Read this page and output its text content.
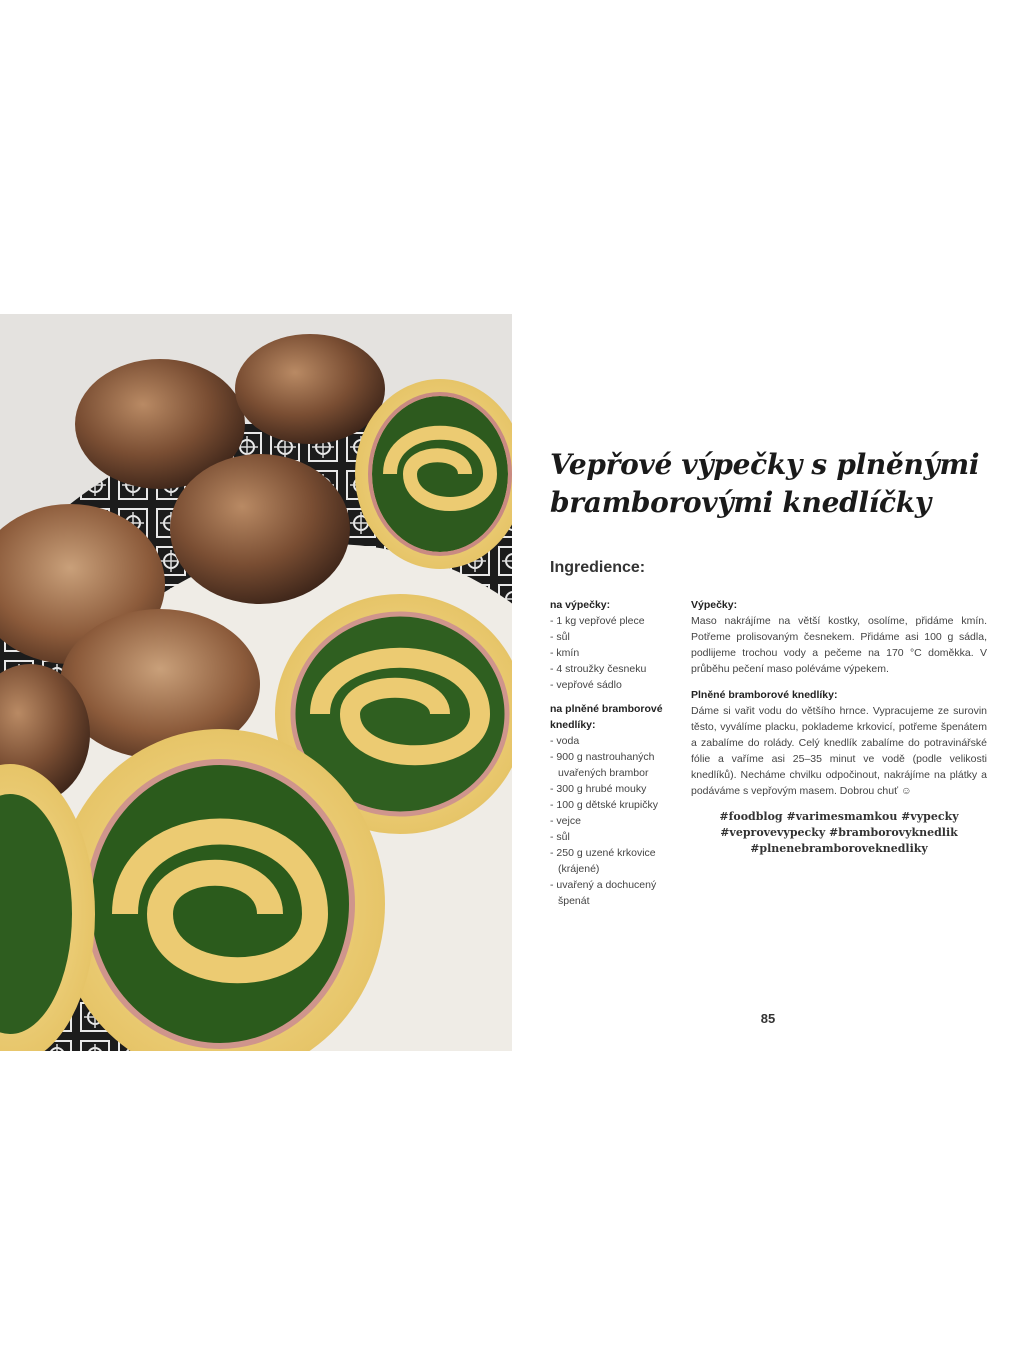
Vepřové výpečky s plněnými bramborovými knedlíčky
Ingredience:

na výpečky:

- 1 kg vepřové plece
- sůl
- kmín
- 4 stroužky česneku
- vepřové sádlo

na plněné bramborové knedlíky:

- voda
- 900 g nastrouhaných uvařených brambor
- 300 g hrubé mouky
- 100 g dětské krupičky
- vejce
- sůl
- 250 g uzené krkovice (krájené)
- uvařený a dochucený špenát

Výpečky:

Maso nakrájíme na větší kostky, osolíme, přidáme kmín. Potřeme prolisovaným česnekem. Přidáme asi 100 g sádla, podlijeme trochou vody a pečeme na 170 °C doměkka. V průběhu pečení maso poléváme výpekem.

Plněné bramborové knedlíky:

Dáme si vařit vodu do většího hrnce. Vypracujeme ze surovin těsto, vyválíme placku, poklademe krkovicí, potřeme špenátem a zabalíme do rolády. Celý knedlík zabalíme do potravinářské fólie a vaříme asi 25–35 minut ve vodě (podle velikosti knedlíků). Necháme chvilku odpočinout, nakrájíme na plátky a podáváme s vepřovým masem. Dobrou chuť ☺

#foodblog #varimesmamkou #vypecky
#veprovevypecky #bramborovyknedlik
#plnenebramboroveknedliky
85
